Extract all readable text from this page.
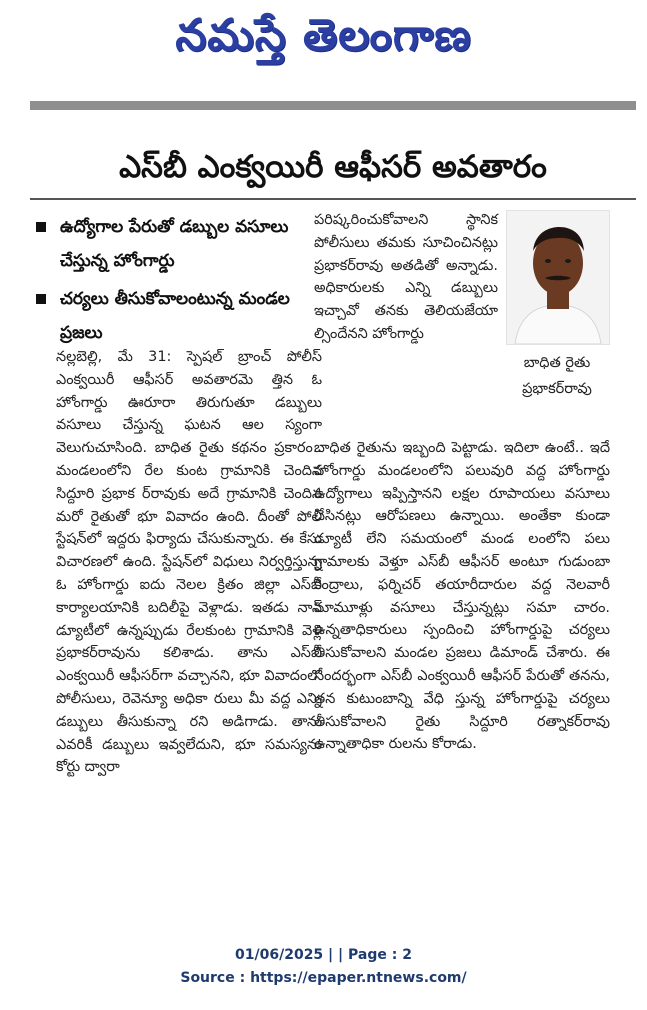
నమస్తే తెలంగాణ
ఎస్‌బీ ఎంక్వయిరీ ఆఫీసర్‌ అవతారం
ఉద్యోగాల పేరుతో డబ్బుల వసూలు చేస్తున్న హోంగార్డు
చర్యలు తీసుకోవాలంటున్న మండల ప్రజలు
నల్లబెల్లి, మే 31: స్పెషల్ బ్రాంచ్ పోలీస్ ఎంక్వయిరీ ఆఫీసర్ అవతారమె త్తిన ఓ హోంగార్డు ఊరూరా తిరుగుతూ డబ్బులు వసూలు చేస్తున్న ఘటన ఆల స్యంగా వెలుగుచూసింది. బాధిత రైతు కథనం ప్రకారం.. మండలంలోని రేల కుంట గ్రామానికి చెందిన సిద్దూరి ప్రభాక ర్‌రావుకు అదే గ్రామానికి చెందిన మరో రైతుతో భూ వివాదం ఉంది. దీంతో పోలీ స్టేషన్‌లో ఇద్దరు ఫిర్యాదు చేసుకున్నారు. ఈ కేసు విచారణలో ఉంది. స్టేషన్‌లో విధులు నిర్వర్తిస్తున్న ఓ హోంగార్డు ఐదు నెలల క్రితం జిల్లా ఎస్‌బీ కార్యాలయానికి బదిలీపై వెళ్లాడు. ఇతడు నాన్ డ్యూటీలో ఉన్నప్పుడు రేలకుంట గ్రామానికి వెళ్లి ప్రభాకర్‌రావును కలిశాడు. తాను ఎస్‌బీ ఎంక్వయిరీ ఆఫీసర్‌గా వచ్చానని, భూ వివాదంలో పోలీసులు, రెవెన్యూ అధికా రులు మీ వద్ద ఎన్ని డబ్బులు తీసుకున్నా రని అడిగాడు. తాను ఎవరికీ డబ్బులు ఇవ్వలేదుని, భూ సమస్యను కోర్టు ద్వారా
పరిష్కరించుకోవాలని స్థానిక పోలీసులు తమకు సూచించినట్లు ప్రభాకర్‌రావు అతడితో అన్నాడు. అధికారులకు ఎన్ని డబ్బులు ఇచ్చావో తనకు తెలియజేయా ల్సిందేనని హోంగార్డు
బాధిత రైతును ఇబ్బంది పెట్టాడు. ఇదిలా ఉంటే.. ఇదే హోంగార్డు మండలంలోని పలువురి వద్ద హోంగార్డు ఉద్యోగాలు ఇప్పిస్తానని లక్షల రూపాయలు వసూలు చేసినట్లు ఆరోపణలు ఉన్నాయి. అంతేకా కుండా డ్యూటీ లేని సమయంలో మండ లంలోని పలు గ్రామాలకు వెళ్తూ ఎస్‌బీ ఆఫీసర్ అంటూ గుడుంబా కేంద్రాలు, ఫర్నిచర్ తయారీదారుల వద్ద నెలవారీ మామూళ్లు వసూలు చేస్తున్నట్లు సమా చారం. ఉన్నతాధికారులు స్పందించి హోంగార్డుపై చర్యలు తీసుకోవాలని మండల ప్రజలు డిమాండ్ చేశారు. ఈ సందర్భంగా ఎస్‌బీ ఎంక్వయిరీ ఆఫీసర్ పేరుతో తనను, తన కుటుంబాన్ని వేధి స్తున్న హోంగార్డుపై చర్యలు తీసుకోవాలని రైతు సిద్దూరి రత్నాకర్‌రావు ఉన్నాతాధికా రులను కోరాడు.
బాధిత రైతు ప్రభాకర్‌రావు
01/06/2025 | | Page : 2
Source : https://epaper.ntnews.com/
